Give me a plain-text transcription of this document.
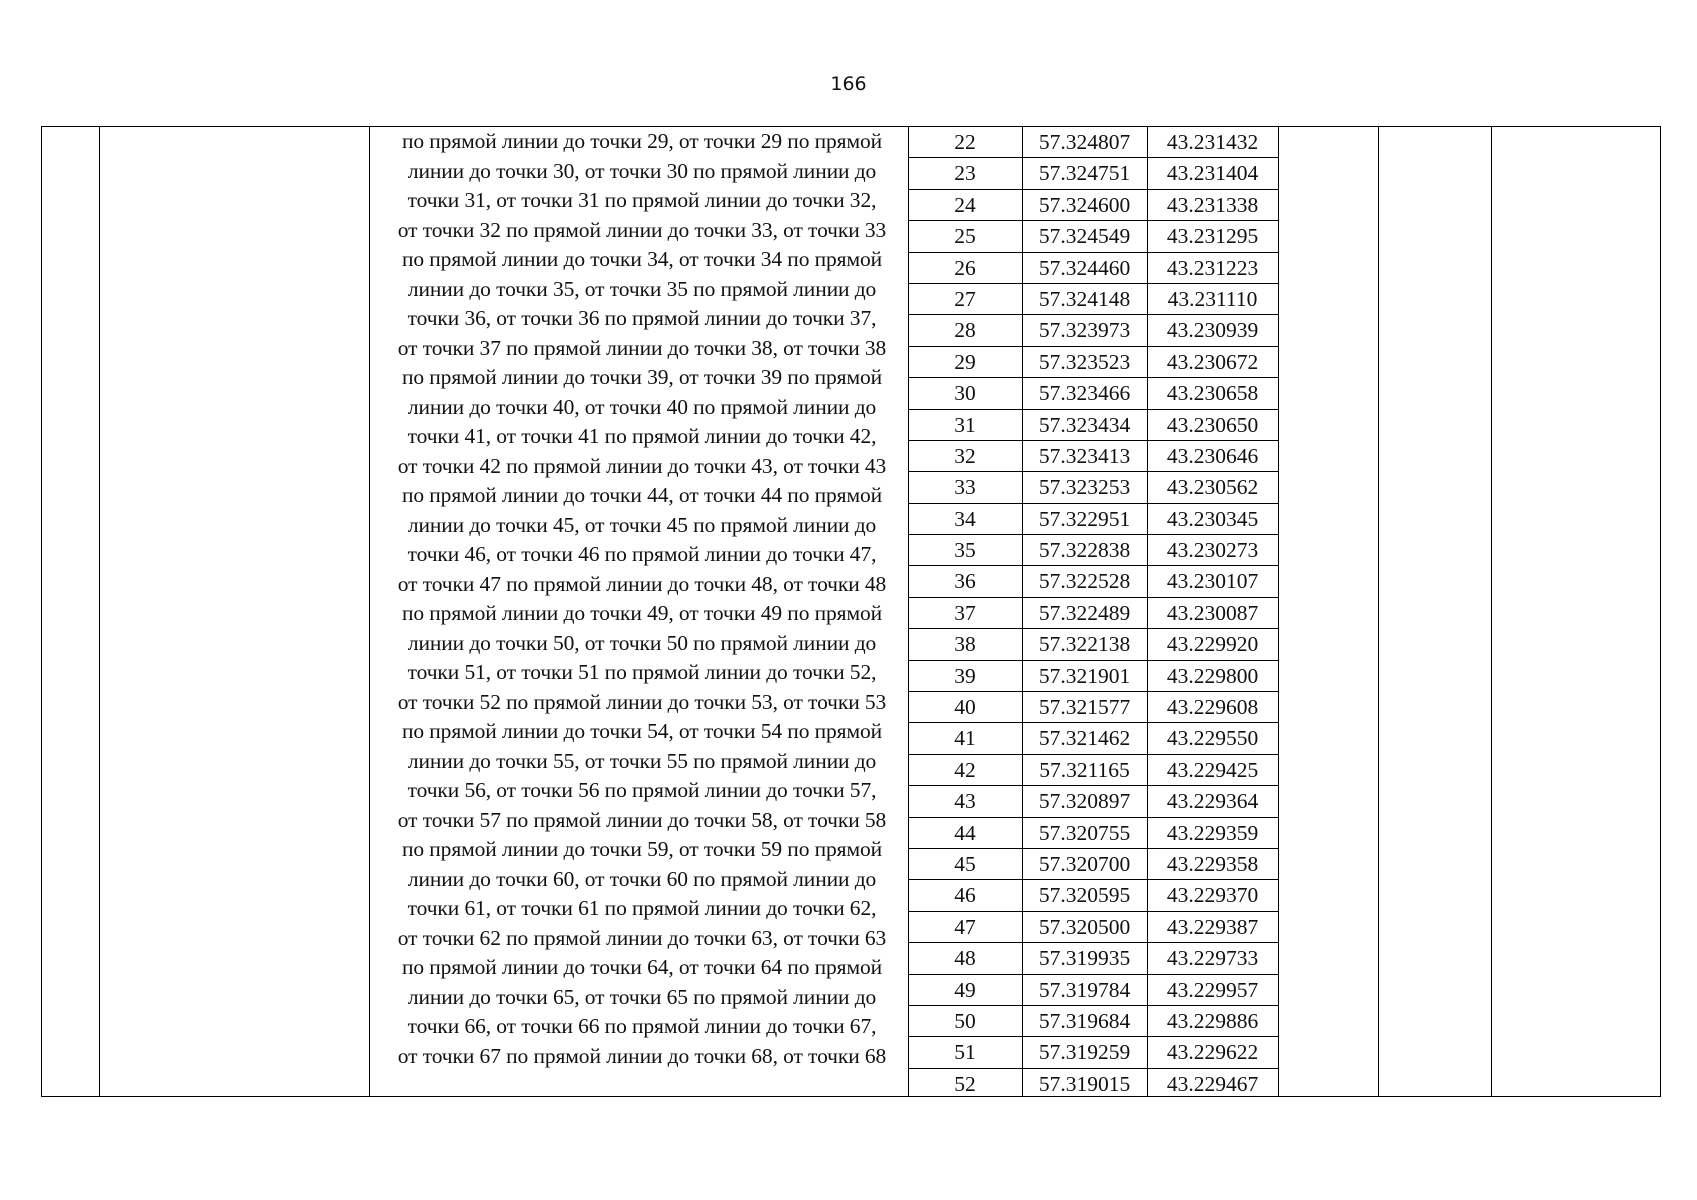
166
по прямой линии до точки 29, от точки 29 по прямой
линии до точки 30, от точки 30 по прямой линии до
точки 31, от точки 31 по прямой линии до точки 32,
от точки 32 по прямой линии до точки 33, от точки 33
по прямой линии до точки 34, от точки 34 по прямой
линии до точки 35, от точки 35 по прямой линии до
точки 36, от точки 36 по прямой линии до точки 37,
от точки 37 по прямой линии до точки 38, от точки 38
по прямой линии до точки 39, от точки 39 по прямой
линии до точки 40, от точки 40 по прямой линии до
точки 41, от точки 41 по прямой линии до точки 42,
от точки 42 по прямой линии до точки 43, от точки 43
по прямой линии до точки 44, от точки 44 по прямой
линии до точки 45, от точки 45 по прямой линии до
точки 46, от точки 46 по прямой линии до точки 47,
от точки 47 по прямой линии до точки 48, от точки 48
по прямой линии до точки 49, от точки 49 по прямой
линии до точки 50, от точки 50 по прямой линии до
точки 51, от точки 51 по прямой линии до точки 52,
от точки 52 по прямой линии до точки 53, от точки 53
по прямой линии до точки 54, от точки 54 по прямой
линии до точки 55, от точки 55 по прямой линии до
точки 56, от точки 56 по прямой линии до точки 57,
от точки 57 по прямой линии до точки 58, от точки 58
по прямой линии до точки 59, от точки 59 по прямой
линии до точки 60, от точки 60 по прямой линии до
точки 61, от точки 61 по прямой линии до точки 62,
от точки 62 по прямой линии до точки 63, от точки 63
по прямой линии до точки 64, от точки 64 по прямой
линии до точки 65, от точки 65 по прямой линии до
точки 66, от точки 66 по прямой линии до точки 67,
от точки 67 по прямой линии до точки 68, от точки 68
22	57.324807	43.231432
23	57.324751	43.231404
24	57.324600	43.231338
25	57.324549	43.231295
26	57.324460	43.231223
27	57.324148	43.231110
28	57.323973	43.230939
29	57.323523	43.230672
30	57.323466	43.230658
31	57.323434	43.230650
32	57.323413	43.230646
33	57.323253	43.230562
34	57.322951	43.230345
35	57.322838	43.230273
36	57.322528	43.230107
37	57.322489	43.230087
38	57.322138	43.229920
39	57.321901	43.229800
40	57.321577	43.229608
41	57.321462	43.229550
42	57.321165	43.229425
43	57.320897	43.229364
44	57.320755	43.229359
45	57.320700	43.229358
46	57.320595	43.229370
47	57.320500	43.229387
48	57.319935	43.229733
49	57.319784	43.229957
50	57.319684	43.229886
51	57.319259	43.229622
52	57.319015	43.229467
